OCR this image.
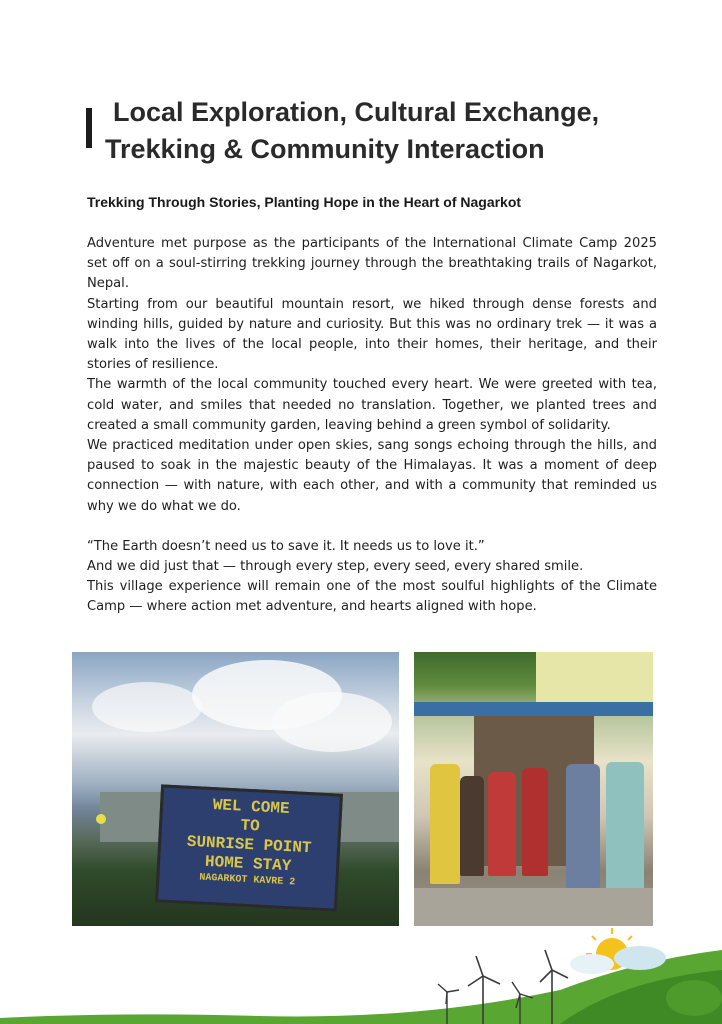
Local Exploration, Cultural Exchange,
Trekking & Community Interaction
Trekking Through Stories, Planting Hope in the Heart of Nagarkot

Adventure met purpose as the participants of the International Climate Camp 2025 set off on a soul-stirring trekking journey through the breathtaking trails of Nagarkot, Nepal.

Starting from our beautiful mountain resort, we hiked through dense forests and winding hills, guided by nature and curiosity. But this was no ordinary trek — it was a walk into the lives of the local people, into their homes, their heritage, and their stories of resilience.

The warmth of the local community touched every heart. We were greeted with tea, cold water, and smiles that needed no translation. Together, we planted trees and created a small community garden, leaving behind a green symbol of solidarity.

We practiced meditation under open skies, sang songs echoing through the hills, and paused to soak in the majestic beauty of the Himalayas. It was a moment of deep connection — with nature, with each other, and with a community that reminded us why we do what we do.

“The Earth doesn’t need us to save it. It needs us to love it.”

And we did just that — through every step, every seed, every shared smile.

This village experience will remain one of the most soulful highlights of the Climate Camp — where action met adventure, and hearts aligned with hope.

WEL COME
TO
SUNRISE POINT
HOME STAY
NAGARKOT KAVRE 2
